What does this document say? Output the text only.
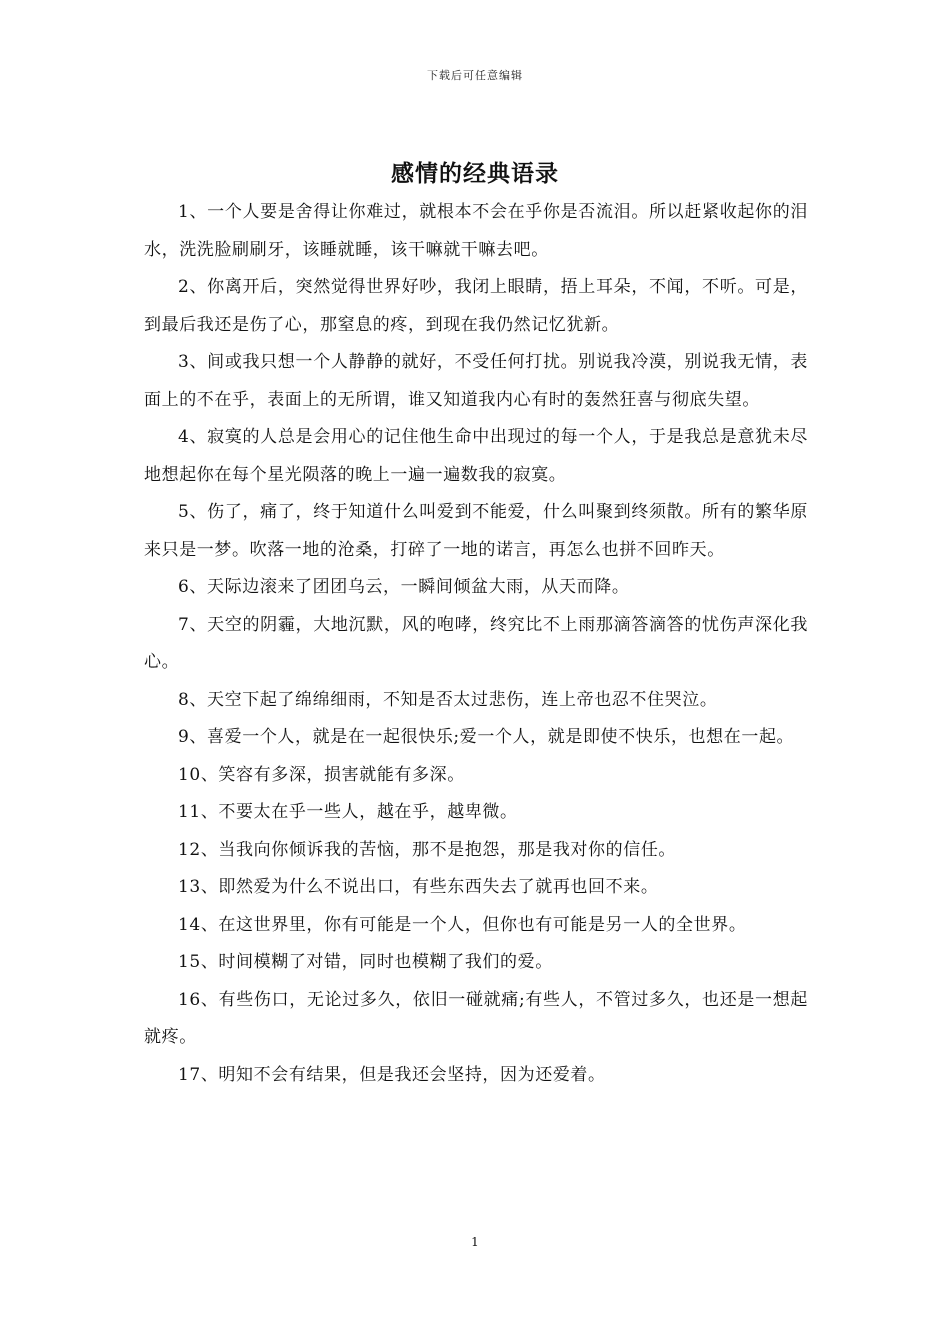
下载后可任意编辑
感情的经典语录

1、一个人要是舍得让你难过，就根本不会在乎你是否流泪。所以赶紧收起你的泪水，洗洗脸刷刷牙，该睡就睡，该干嘛就干嘛去吧。

2、你离开后，突然觉得世界好吵，我闭上眼睛，捂上耳朵，不闻，不听。可是，到最后我还是伤了心，那窒息的疼，到现在我仍然记忆犹新。

3、间或我只想一个人静静的就好，不受任何打扰。别说我冷漠，别说我无情，表面上的不在乎，表面上的无所谓，谁又知道我内心有时的轰然狂喜与彻底失望。

4、寂寞的人总是会用心的记住他生命中出现过的每一个人，于是我总是意犹未尽地想起你在每个星光陨落的晚上一遍一遍数我的寂寞。

5、伤了，痛了，终于知道什么叫爱到不能爱，什么叫聚到终须散。所有的繁华原来只是一梦。吹落一地的沧桑，打碎了一地的诺言，再怎么也拼不回昨天。

6、天际边滚来了团团乌云，一瞬间倾盆大雨，从天而降。

7、天空的阴霾，大地沉默，风的咆哮，终究比不上雨那滴答滴答的忧伤声深化我心。

8、天空下起了绵绵细雨，不知是否太过悲伤，连上帝也忍不住哭泣。

9、喜爱一个人，就是在一起很快乐;爱一个人，就是即使不快乐，也想在一起。

10、笑容有多深，损害就能有多深。

11、不要太在乎一些人，越在乎，越卑微。

12、当我向你倾诉我的苦恼，那不是抱怨，那是我对你的信任。

13、即然爱为什么不说出口，有些东西失去了就再也回不来。

14、在这世界里，你有可能是一个人，但你也有可能是另一人的全世界。

15、时间模糊了对错，同时也模糊了我们的爱。

16、有些伤口，无论过多久，依旧一碰就痛;有些人，不管过多久，也还是一想起就疼。

17、明知不会有结果，但是我还会坚持，因为还爱着。

1
